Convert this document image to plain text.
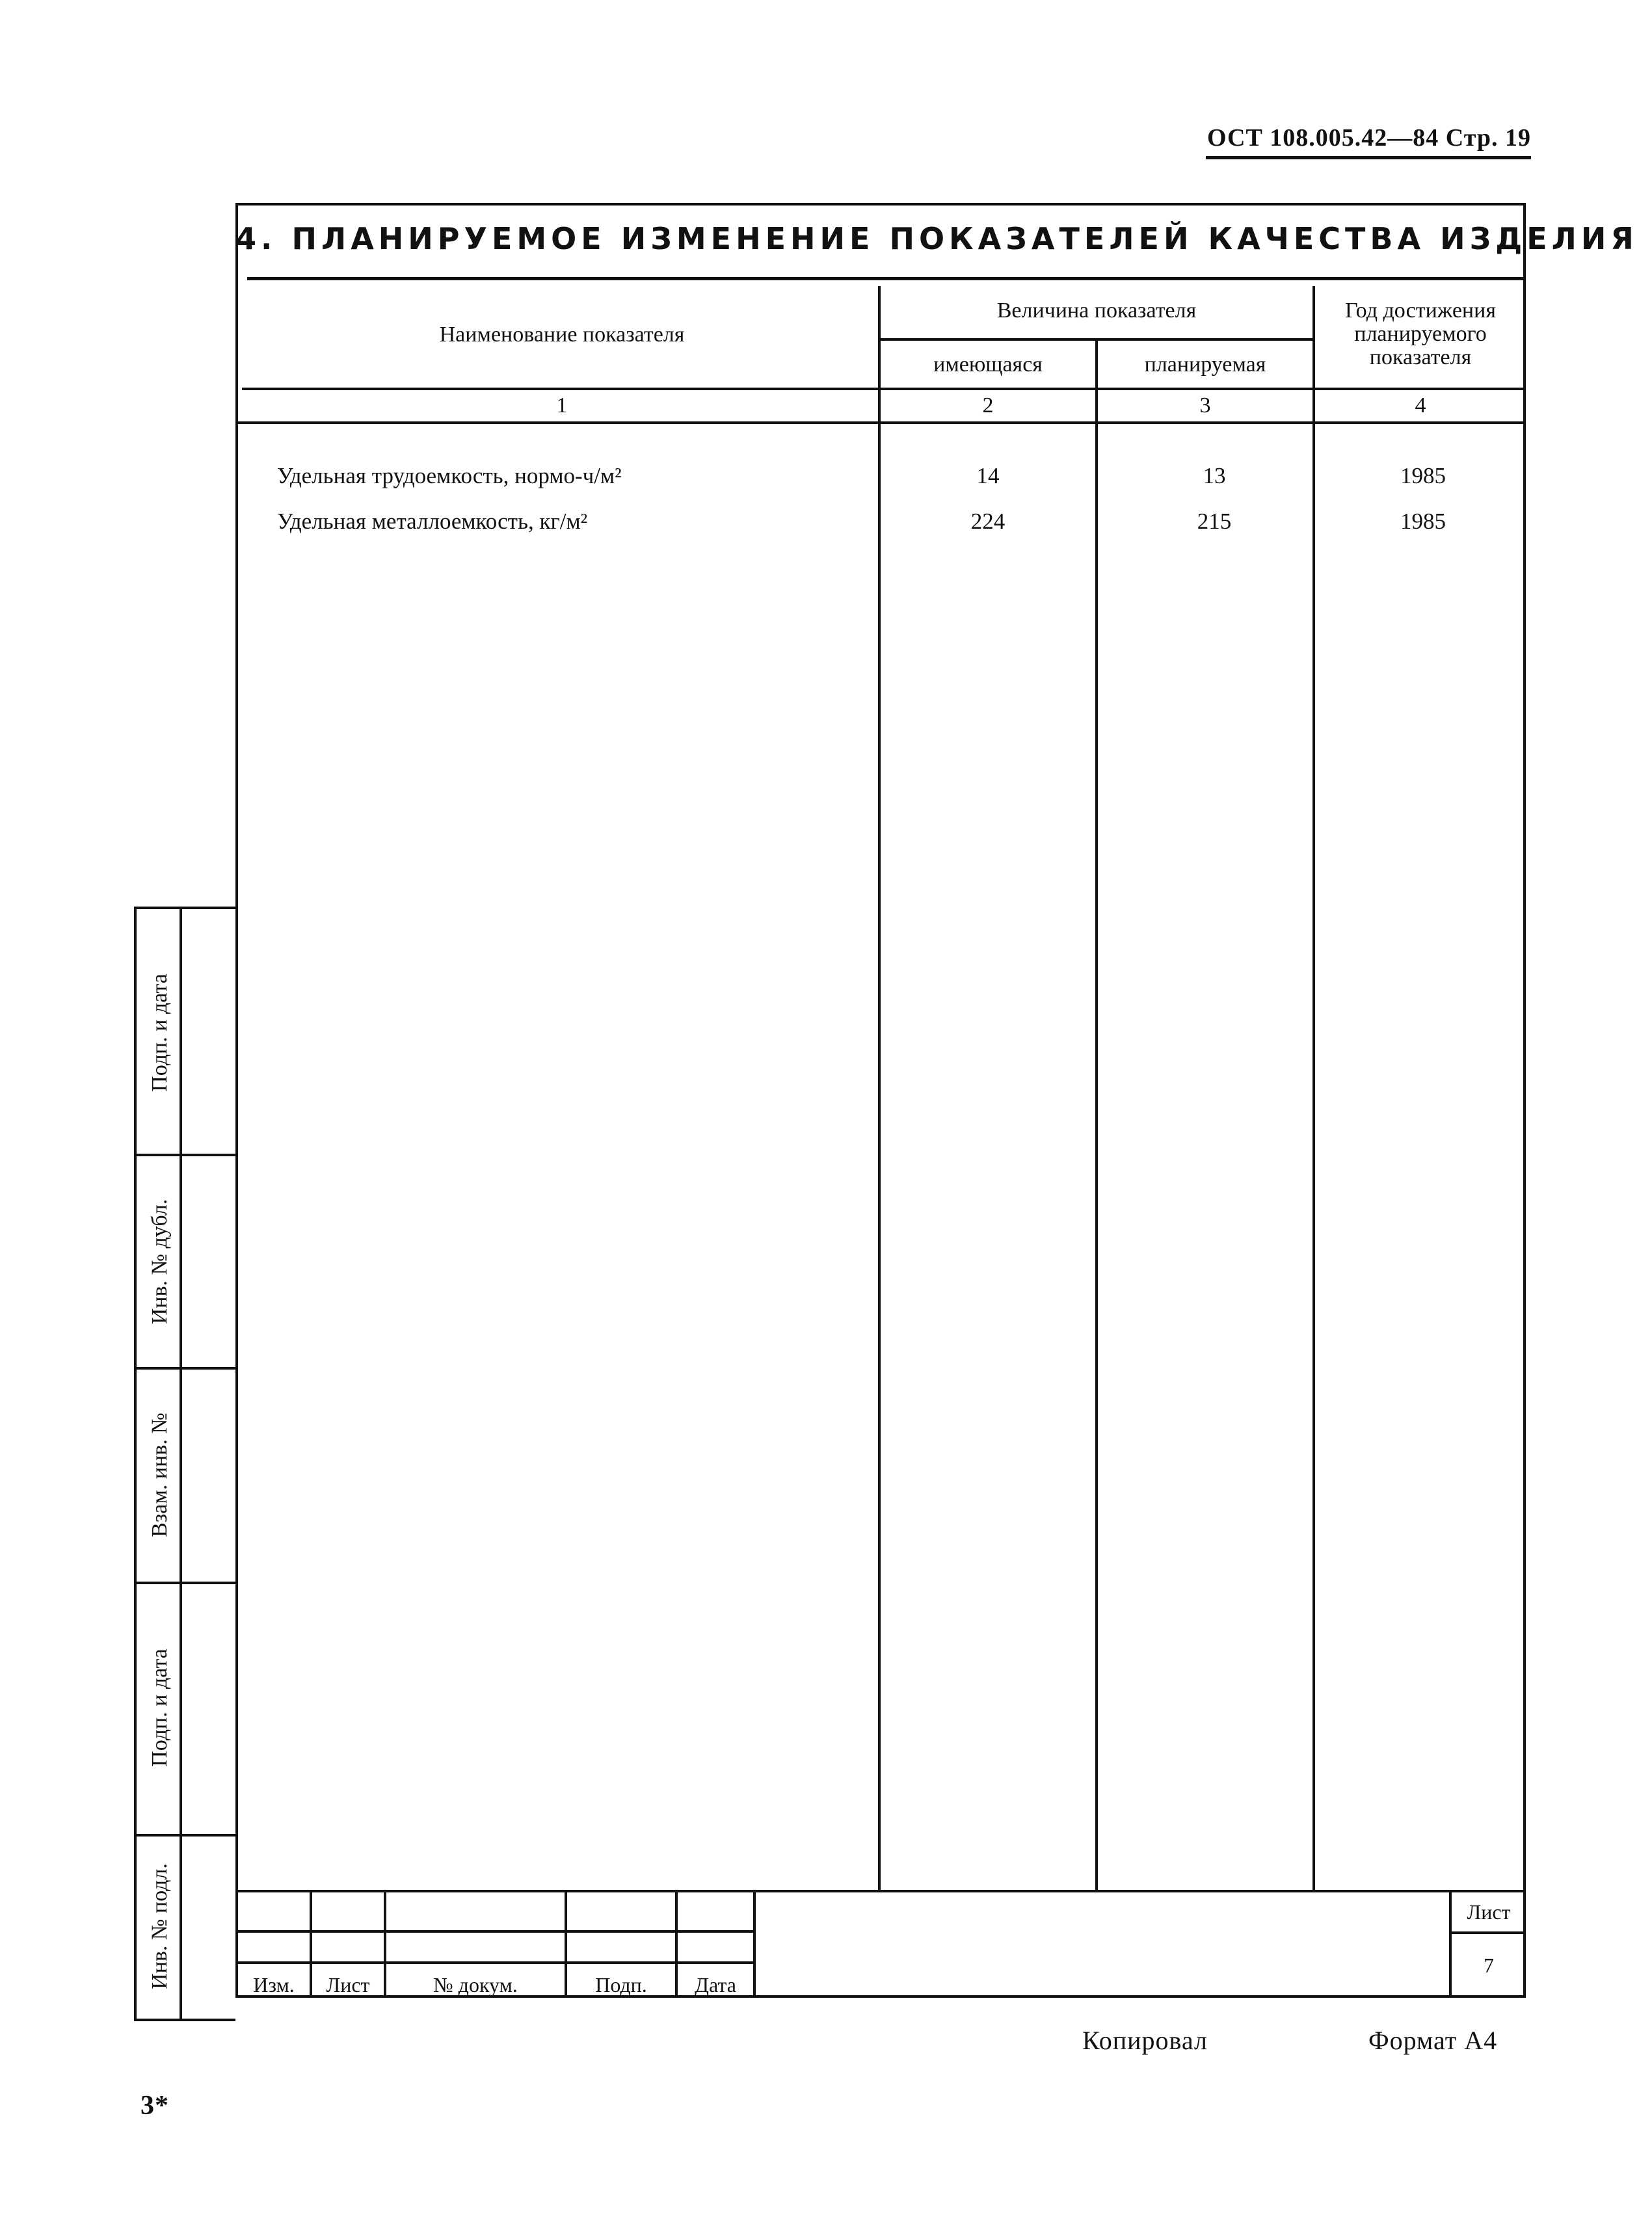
ОСТ 108.005.42—84 Стр. 19
4. ПЛАНИРУЕМОЕ ИЗМЕНЕНИЕ ПОКАЗАТЕЛЕЙ КАЧЕСТВА ИЗДЕЛИЯ
Наименование показателя
Величина показателя
имеющаяся	планируемая
Год достижения
планируемого
показателя
1	2	3	4
Удельная трудоемкость, нормо-ч/м²	14	13	1985
Удельная металлоемкость, кг/м²	224	215	1985
Подп. и дата
Инв. № дубл.
Взам. инв. №
Подп. и дата
Инв. № подл.	Изм.	Лист	№ докум.	Подп.	Дата
Лист
7
Копировал	Формат А4
3*
